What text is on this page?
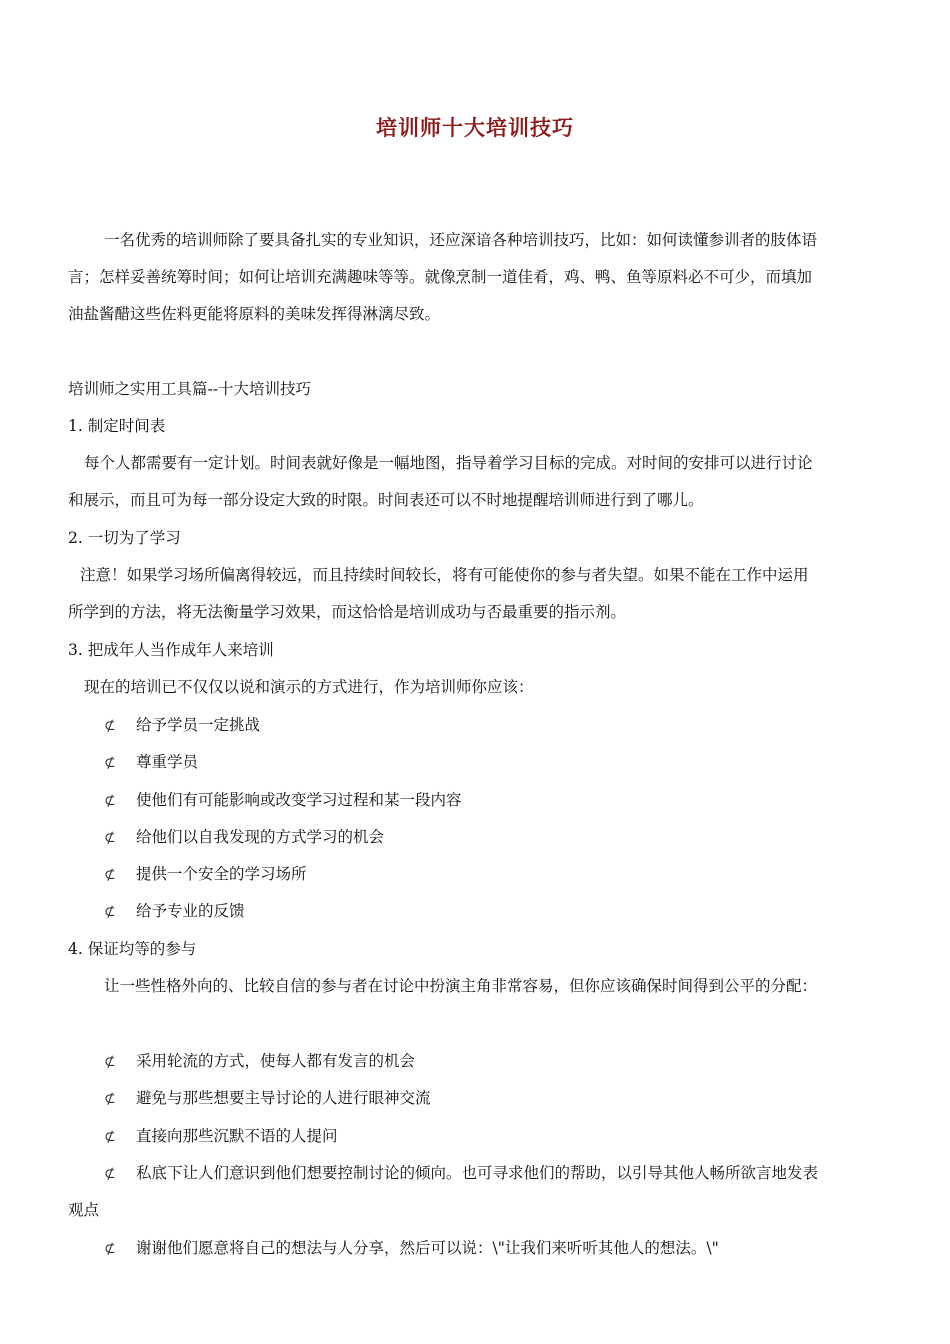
培训师十大培训技巧
一名优秀的培训师除了要具备扎实的专业知识，还应深谙各种培训技巧，比如：如何读懂参训者的肢体语
言；怎样妥善统筹时间；如何让培训充满趣味等等。就像烹制一道佳肴，鸡、鸭、鱼等原料必不可少，而填加
油盐酱醋这些佐料更能将原料的美味发挥得淋漓尽致。
培训师之实用工具篇--十大培训技巧
1. 制定时间表
每个人都需要有一定计划。时间表就好像是一幅地图，指导着学习目标的完成。对时间的安排可以进行讨论
和展示，而且可为每一部分设定大致的时限。时间表还可以不时地提醒培训师进行到了哪儿。
2. 一切为了学习
注意！如果学习场所偏离得较远，而且持续时间较长，将有可能使你的参与者失望。如果不能在工作中运用
所学到的方法，将无法衡量学习效果，而这恰恰是培训成功与否最重要的指示剂。
3. 把成年人当作成年人来培训
现在的培训已不仅仅以说和演示的方式进行，作为培训师你应该：
⊄ 给予学员一定挑战
⊄ 尊重学员
⊄ 使他们有可能影响或改变学习过程和某一段内容
⊄ 给他们以自我发现的方式学习的机会
⊄ 提供一个安全的学习场所
⊄ 给予专业的反馈
4. 保证均等的参与
让一些性格外向的、比较自信的参与者在讨论中扮演主角非常容易，但你应该确保时间得到公平的分配：
⊄ 采用轮流的方式，使每人都有发言的机会
⊄ 避免与那些想要主导讨论的人进行眼神交流
⊄ 直接向那些沉默不语的人提问
⊄ 私底下让人们意识到他们想要控制讨论的倾向。也可寻求他们的帮助，以引导其他人畅所欲言地发表
观点
⊄ 谢谢他们愿意将自己的想法与人分享，然后可以说：\"让我们来听听其他人的想法。\"
